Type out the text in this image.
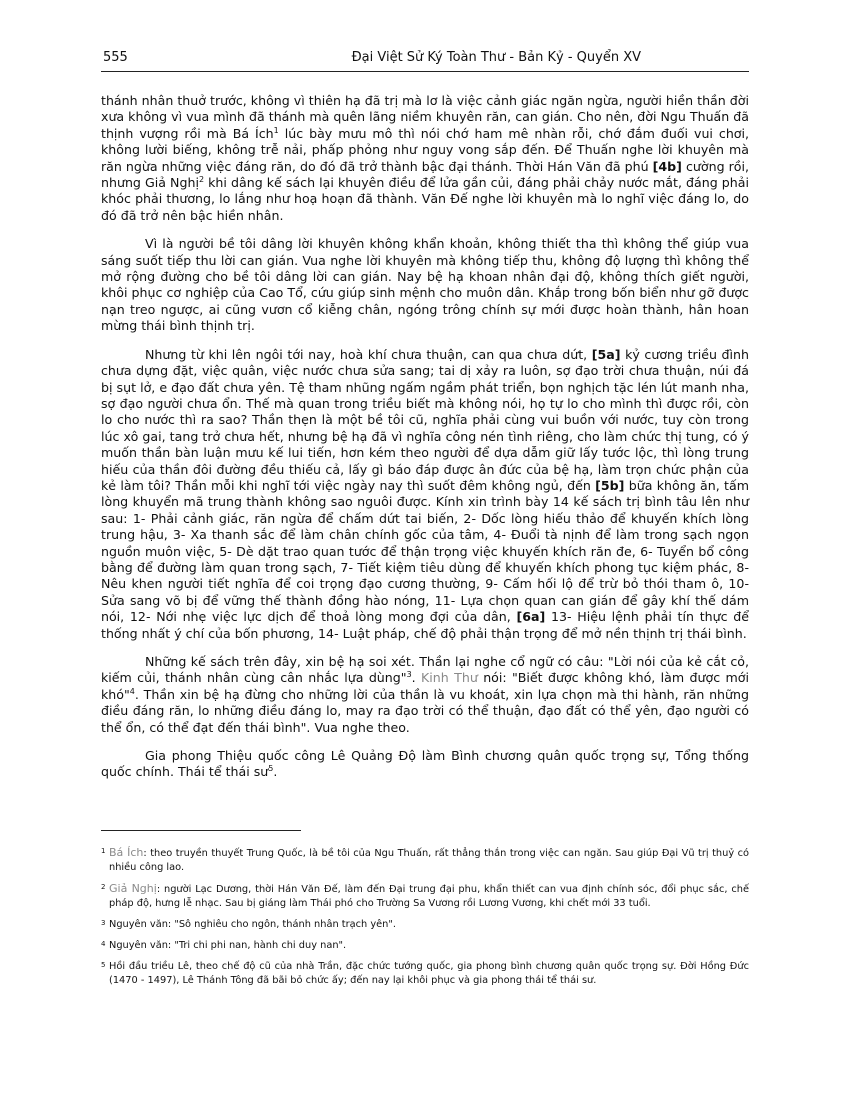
555	Đại Việt Sử Ký Toàn Thư - Bản Kỷ - Quyển XV

thánh nhân thuở trước, không vì thiên hạ đã trị mà lơ là việc cảnh giác ngăn ngừa, người hiền thần đời xưa không vì vua mình đã thánh mà quên lãng niềm khuyên răn, can gián. Cho nên, đời Ngu Thuấn đã thịnh vượng rồi mà Bá Ích$^1$ lúc bày mưu mô thì nói chớ ham mê nhàn rỗi, chớ đắm đuối vui chơi, không lười biếng, không trễ nải, phấp phỏng như nguy vong sắp đến. Để Thuấn nghe lời khuyên mà răn ngừa những việc đáng răn, do đó đã trở thành bậc đại thánh. Thời Hán Văn đã phú [4b] cường rồi, nhưng Giả Nghị$^2$ khi dâng kế sách lại khuyên điều để lửa gần củi, đáng phải chảy nước mắt, đáng phải khóc phải thương, lo lắng như hoạ hoạn đã thành. Văn Đế nghe lời khuyên mà lo nghĩ việc đáng lo, do đó đã trở nên bậc hiền nhân.

Vì là người bề tôi dâng lời khuyên không khẩn khoản, không thiết tha thì không thể giúp vua sáng suốt tiếp thu lời can gián. Vua nghe lời khuyên mà không tiếp thu, không độ lượng thì không thể mở rộng đường cho bề tôi dâng lời can gián. Nay bệ hạ khoan nhân đại độ, không thích giết người, khôi phục cơ nghiệp của Cao Tổ, cứu giúp sinh mệnh cho muôn dân. Khắp trong bốn biển như gỡ được nạn treo ngược, ai cũng vươn cổ kiễng chân, ngóng trông chính sự mới được hoàn thành, hân hoan mừng thái bình thịnh trị.

Nhưng từ khi lên ngôi tới nay, hoà khí chưa thuận, can qua chưa dứt, [5a] kỷ cương triều đình chưa dựng đặt, việc quân, việc nước chưa sửa sang; tai dị xảy ra luôn, sợ đạo trời chưa thuận, núi đá bị sụt lở, e đạo đất chưa yên. Tệ tham nhũng ngấm ngầm phát triển, bọn nghịch tặc lén lút manh nha, sợ đạo người chưa ổn. Thế mà quan trong triều biết mà không nói, họ tự lo cho mình thì được rồi, còn lo cho nước thì ra sao? Thần thẹn là một bề tôi cũ, nghĩa phải cùng vui buồn với nước, tuy còn trong lúc xô gai, tang trở chưa hết, nhưng bệ hạ đã vì nghĩa công nén tình riêng, cho làm chức thị tung, có ý muốn thần bàn luận mưu kế lui tiến, hơn kém theo người để dựa dẫm giữ lấy tước lộc, thì lòng trung hiếu của thần đôi đường đều thiếu cả, lấy gì báo đáp được ân đức của bệ hạ, làm trọn chức phận của kẻ làm tôi? Thần mỗi khi nghĩ tới việc ngày nay thì suốt đêm không ngủ, đến [5b] bữa không ăn, tấm lòng khuyển mã trung thành không sao nguôi được. Kính xin trình bày 14 kế sách trị bình tâu lên như sau: 1- Phải cảnh giác, răn ngừa để chấm dứt tai biến, 2- Dốc lòng hiếu thảo để khuyến khích lòng trung hậu, 3- Xa thanh sắc để làm chân chính gốc của tâm, 4- Đuổi tà nịnh để làm trong sạch ngọn nguồn muôn việc, 5- Dè dặt trao quan tước để thận trọng việc khuyến khích răn đe, 6- Tuyển bổ công bằng để đường làm quan trong sạch, 7- Tiết kiệm tiêu dùng để khuyến khích phong tục kiệm phác, 8- Nêu khen người tiết nghĩa để coi trọng đạo cương thường, 9- Cấm hối lộ để trừ bỏ thói tham ô, 10- Sửa sang võ bị để vững thế thành đồng hào nóng, 11- Lựa chọn quan can gián để gây khí thế dám nói, 12- Nới nhẹ việc lực dịch để thoả lòng mong đợi của dân, [6a] 13- Hiệu lệnh phải tín thực để thống nhất ý chí của bốn phương, 14- Luật pháp, chế độ phải thận trọng để mở nền thịnh trị thái bình.

Những kế sách trên đây, xin bệ hạ soi xét. Thần lại nghe cổ ngữ có câu: "Lời nói của kẻ cắt cỏ, kiếm củi, thánh nhân cùng cân nhắc lựa dùng"$^3$. Kinh Thư nói: "Biết được không khó, làm được mới khó"$^4$. Thần xin bệ hạ đừng cho những lời của thần là vu khoát, xin lựa chọn mà thi hành, răn những điều đáng răn, lo những điều đáng lo, may ra đạo trời có thể thuận, đạo đất có thể yên, đạo người có thể ổn, có thể đạt đến thái bình". Vua nghe theo.

Gia phong Thiệu quốc công Lê Quảng Độ làm Bình chương quân quốc trọng sự, Tổng thống quốc chính. Thái tể thái $sư^5$.

1 Bá Ích: theo truyền thuyết Trung Quốc, là bề tôi của Ngu Thuấn, rất thẳng thắn trong việc can ngăn. Sau giúp Đại Vũ trị thuỷ có nhiều công lao.
2 Giả Nghị: người Lạc Dương, thời Hán Văn Đế, làm đến Đại trung đại phu, khẩn thiết can vua định chính sóc, đổi phục sắc, chế pháp độ, hưng lễ nhạc. Sau bị giáng làm Thái phó cho Trường Sa Vương rồi Lương Vương, khi chết mới 33 tuổi.
3 Nguyên văn: "Sô nghiêu cho ngôn, thánh nhân trạch yên".
4 Nguyên văn: "Tri chi phi nan, hành chi duy nan".
5 Hồi đầu triều Lê, theo chế độ cũ của nhà Trần, đặc chức tướng quốc, gia phong bình chương quân quốc trọng sự. Đời Hồng Đức (1470 - 1497), Lê Thánh Tông đã bãi bỏ chức ấy; đến nay lại khôi phục và gia phong thái tể thái sư.
